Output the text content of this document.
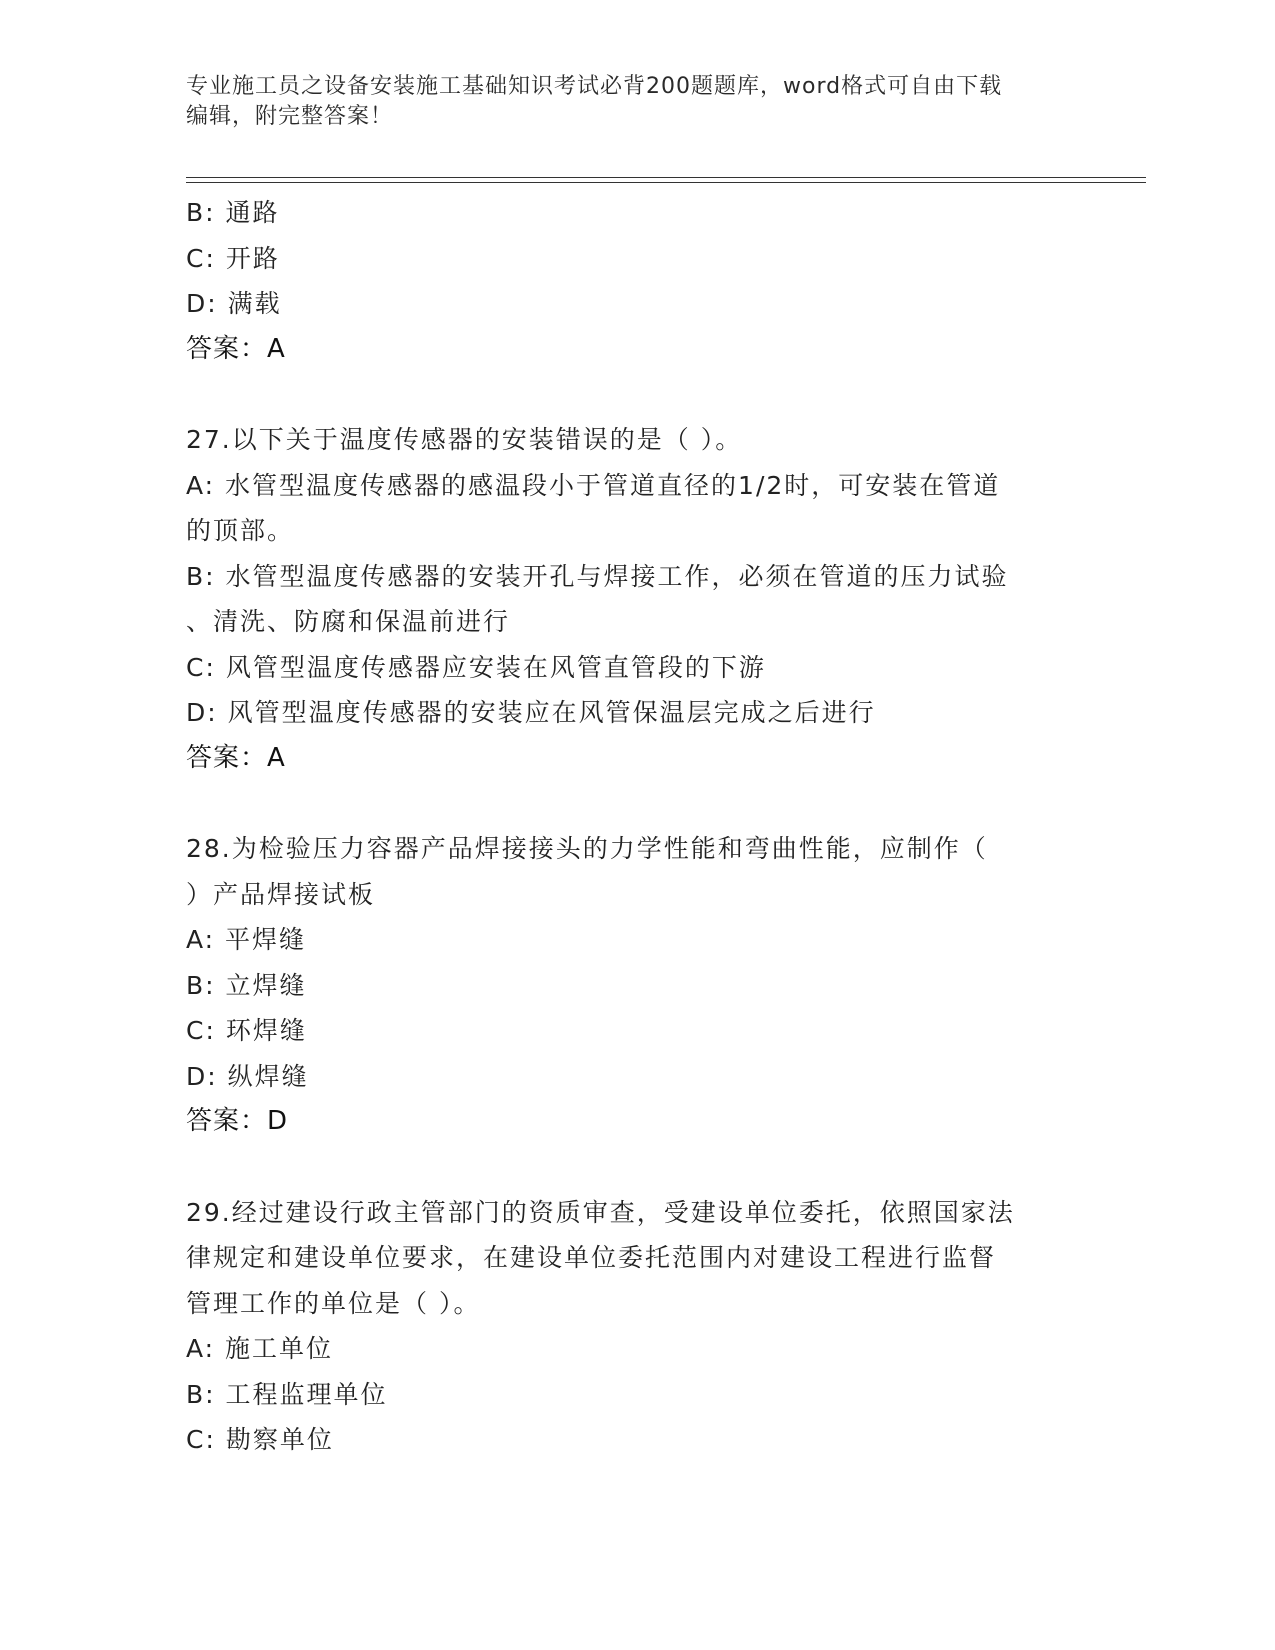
专业施工员之设备安装施工基础知识考试必背200题题库，word格式可自由下载
编辑，附完整答案！
B: 通路
C: 开路
D: 满载
答案：A
27.以下关于温度传感器的安装错误的是（ ）。
A: 水管型温度传感器的感温段小于管道直径的1/2时，可安装在管道
的顶部。
B: 水管型温度传感器的安装开孔与焊接工作，必须在管道的压力试验
、清洗、防腐和保温前进行
C: 风管型温度传感器应安装在风管直管段的下游
D: 风管型温度传感器的安装应在风管保温层完成之后进行
答案：A
28.为检验压力容器产品焊接接头的力学性能和弯曲性能，应制作（
）产品焊接试板
A: 平焊缝
B: 立焊缝
C: 环焊缝
D: 纵焊缝
答案：D
29.经过建设行政主管部门的资质审查，受建设单位委托，依照国家法
律规定和建设单位要求，在建设单位委托范围内对建设工程进行监督
管理工作的单位是（ ）。
A: 施工单位
B: 工程监理单位
C: 勘察单位
